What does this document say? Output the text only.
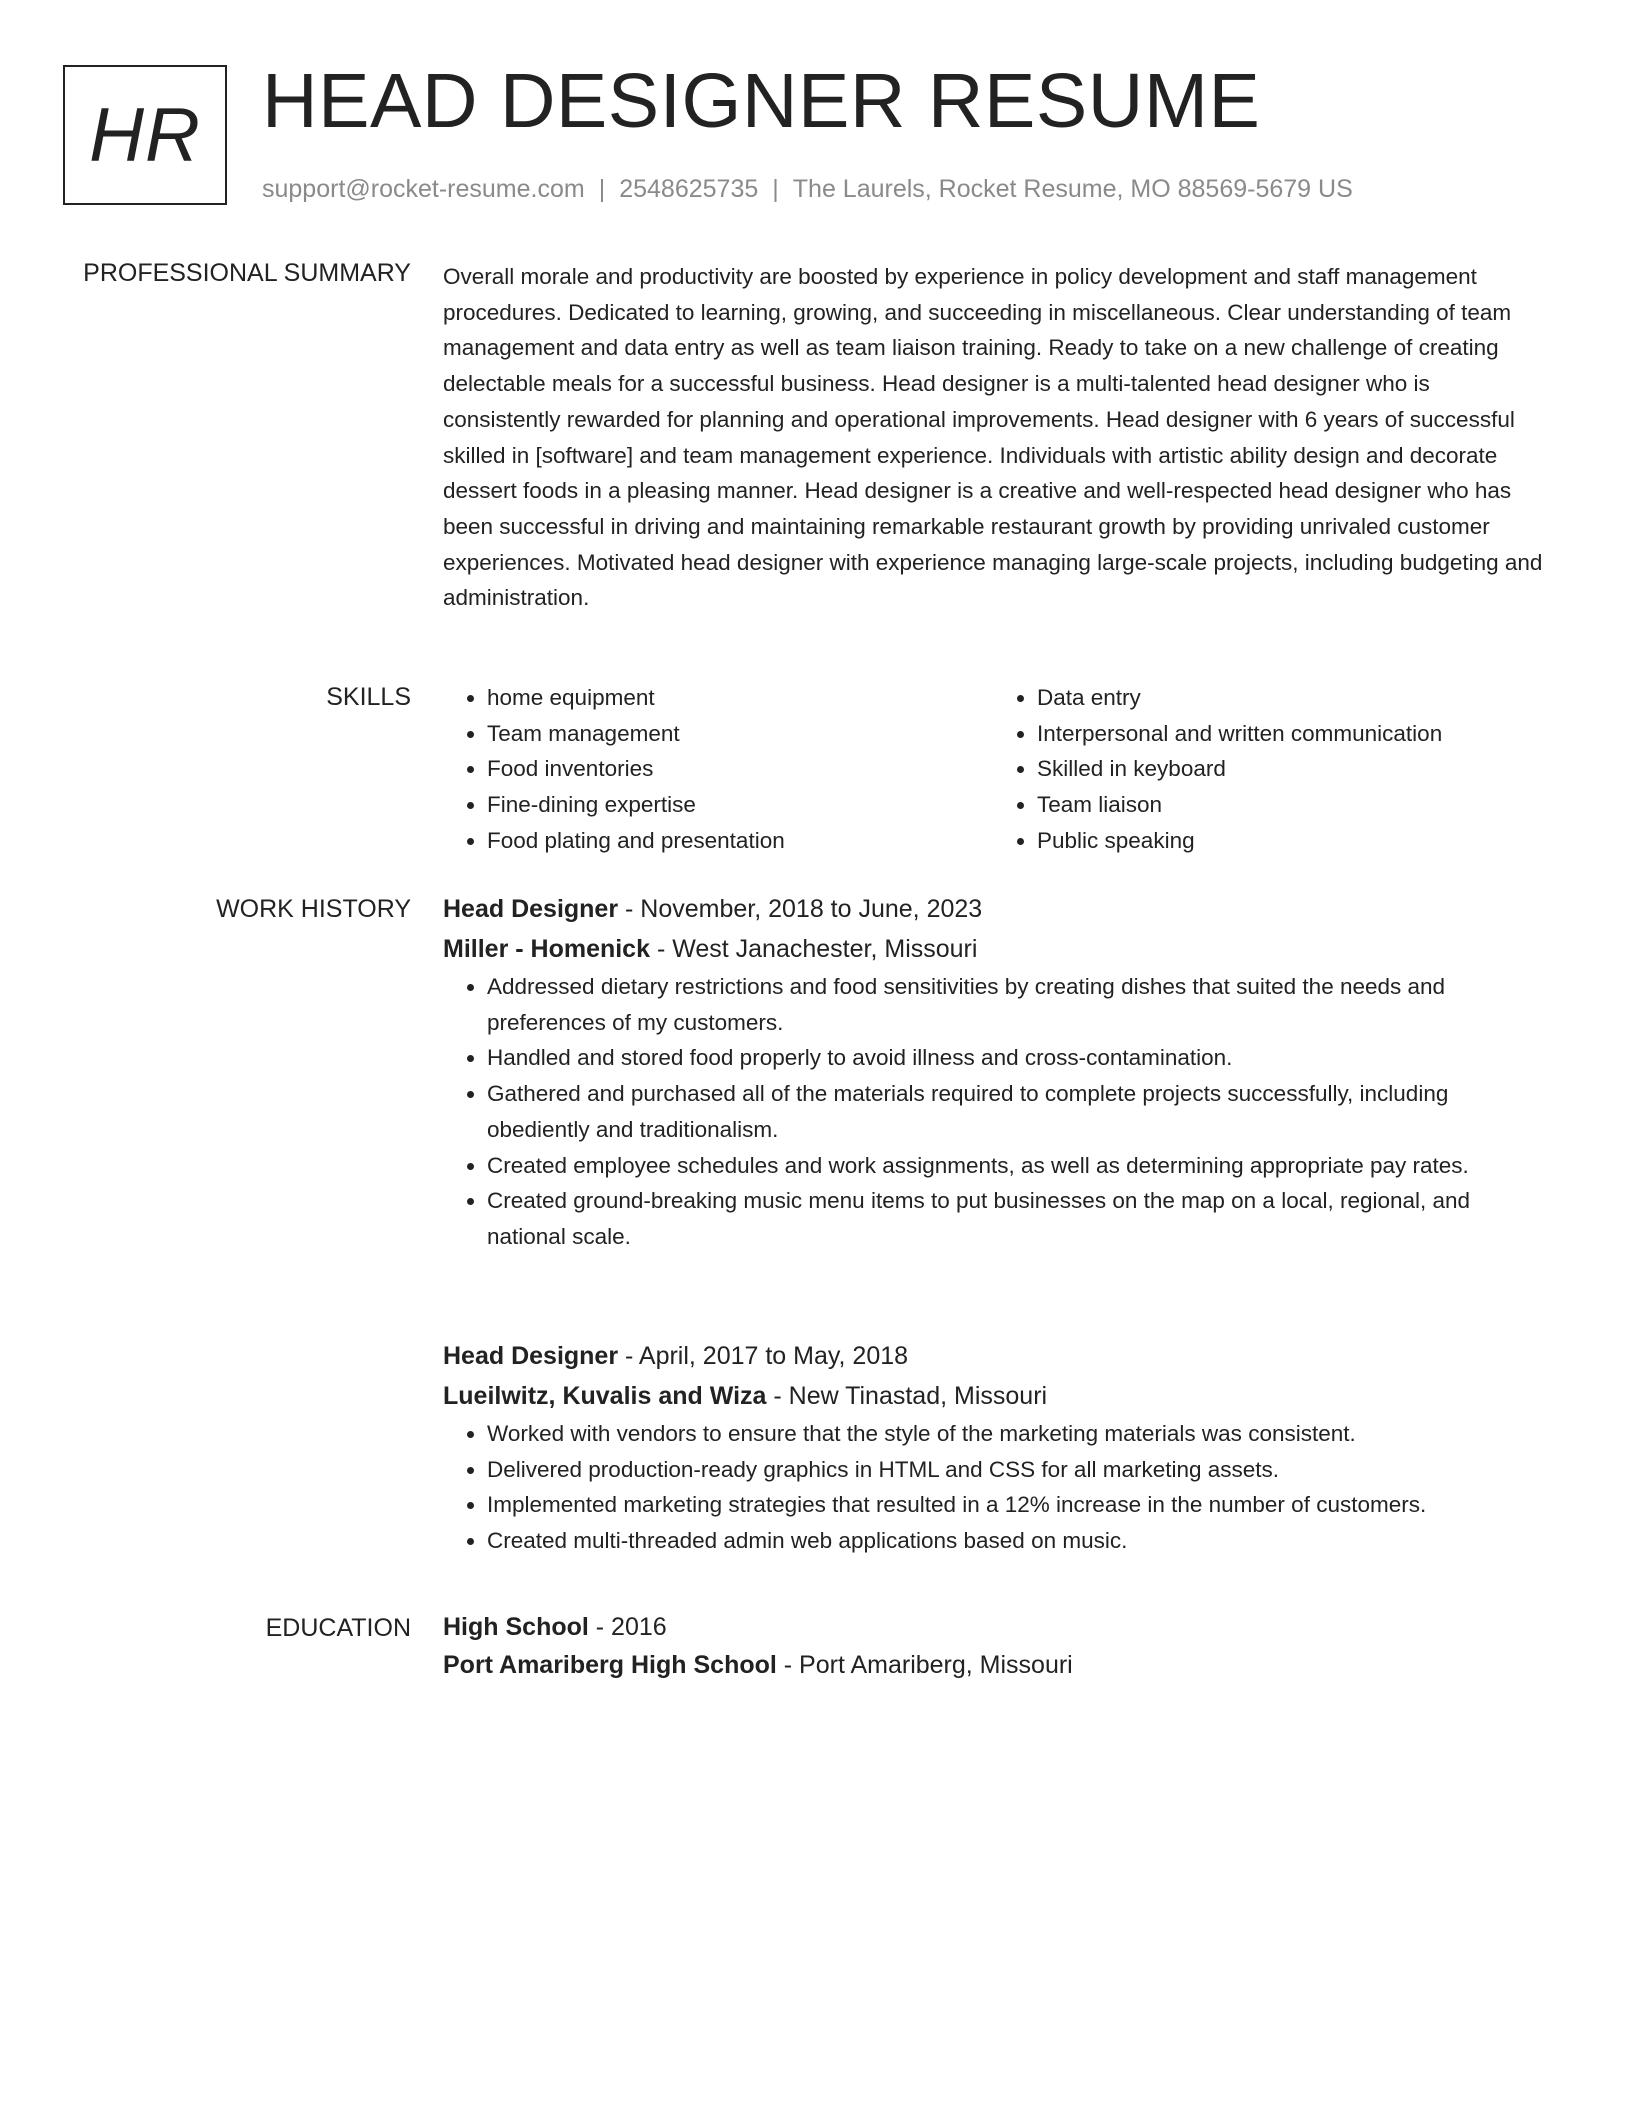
HR HEAD DESIGNER RESUME
support@rocket-resume.com | 2548625735 | The Laurels, Rocket Resume, MO 88569-5679 US
PROFESSIONAL SUMMARY Overall morale and productivity are boosted by experience in policy development and staff management procedures. Dedicated to learning, growing, and succeeding in miscellaneous. Clear understanding of team management and data entry as well as team liaison training. Ready to take on a new challenge of creating delectable meals for a successful business. Head designer is a multi-talented head designer who is consistently rewarded for planning and operational improvements. Head designer with 6 years of successful skilled in [software] and team management experience. Individuals with artistic ability design and decorate dessert foods in a pleasing manner. Head designer is a creative and well-respected head designer who has been successful in driving and maintaining remarkable restaurant growth by providing unrivaled customer experiences. Motivated head designer with experience managing large-scale projects, including budgeting and administration.

SKILLS
•	home equipment
• Team management
• Food inventories
• Fine-dining expertise
• Food plating and presentation
• Data entry
• Interpersonal and written communication
• Skilled in keyboard
• Team liaison
• Public speaking
WORK HISTORY Head Designer - November, 2018 to June, 2023
Miller - Homenick - West Janachester, Missouri
• Addressed dietary restrictions and food sensitivities by creating dishes that suited the needs and preferences of my customers.
• Handled and stored food properly to avoid illness and cross-contamination.
• Gathered and purchased all of the materials required to complete projects successfully, including obediently and traditionalism.
• Created employee schedules and work assignments, as well as determining appropriate pay rates.
• Created ground-breaking music menu items to put businesses on the map on a local, regional, and national scale.
Head Designer - April, 2017 to May, 2018
Lueilwitz, Kuvalis and Wiza - New Tinastad, Missouri
• Worked with vendors to ensure that the style of the marketing materials was consistent.
• Delivered production-ready graphics in HTML and CSS for all marketing assets.
• Implemented marketing strategies that resulted in a 12% increase in the number of customers.
• Created multi-threaded admin web applications based on music.
EDUCATION High School - 2016
Port Amariberg High School - Port Amariberg, Missouri
